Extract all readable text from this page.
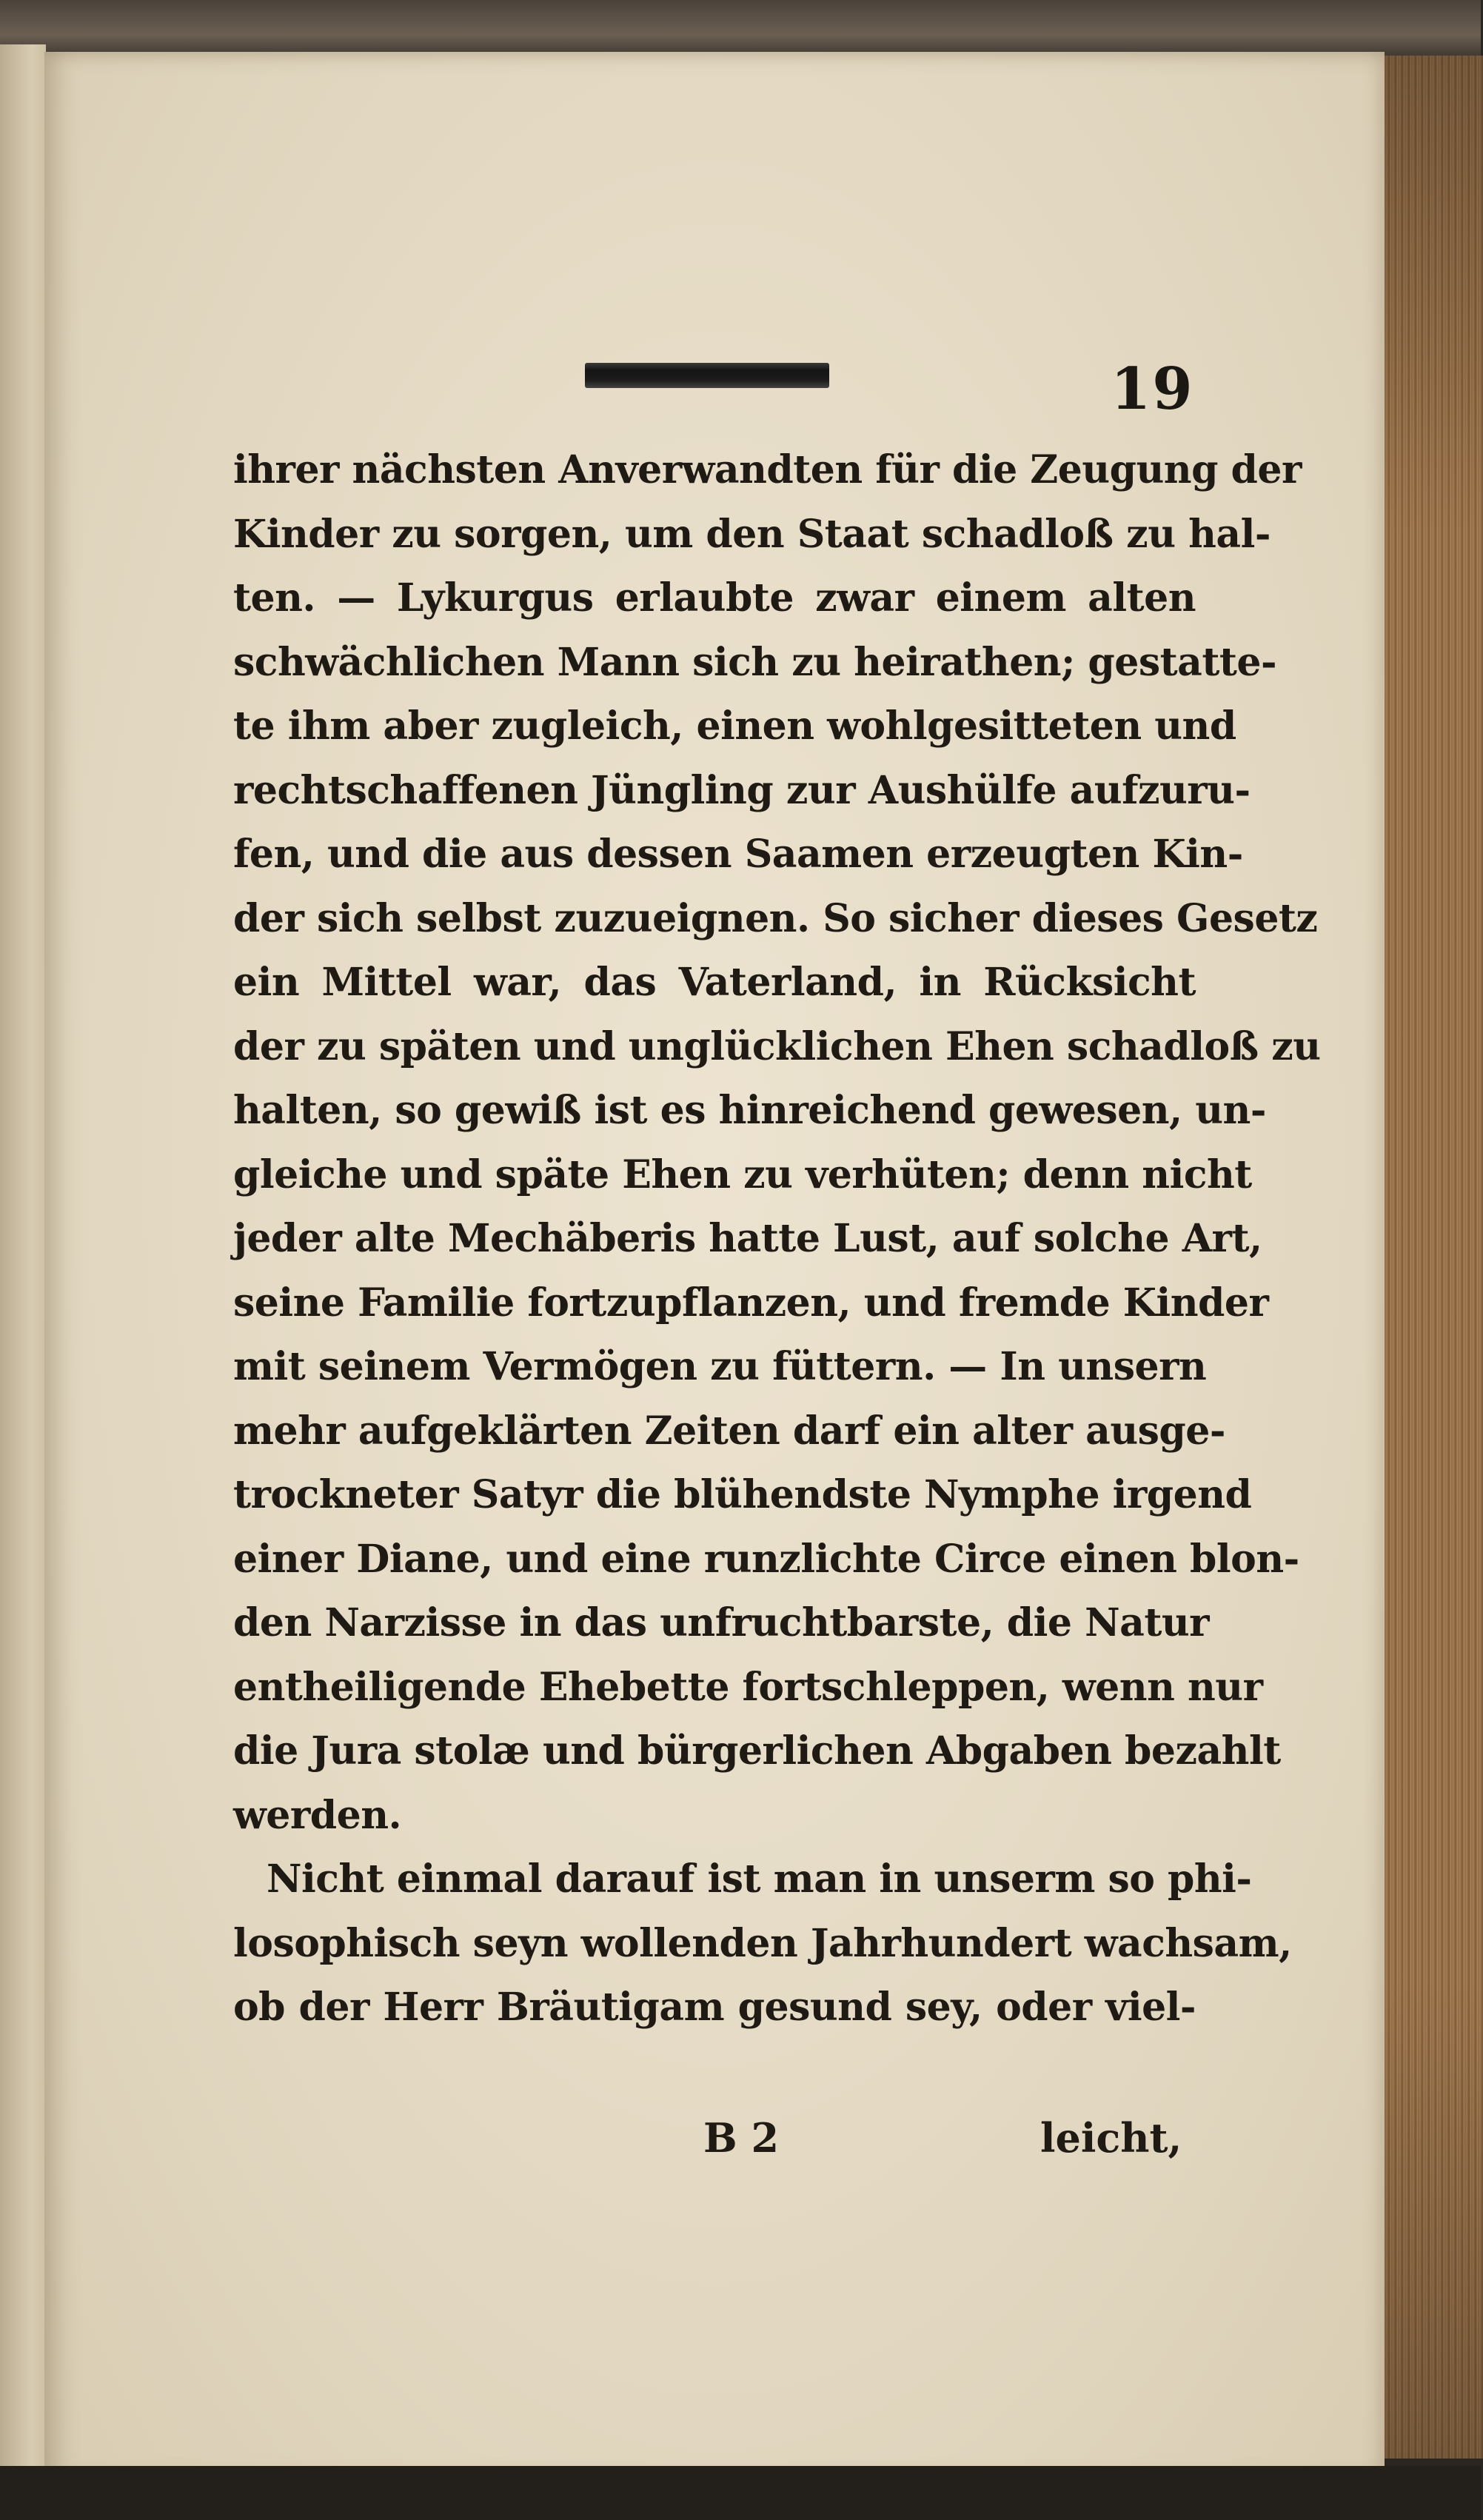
19
ihrer nächsten Anverwandten für die Zeugung der
Kinder zu sorgen, um den Staat schadloß zu hal-
ten. — Lykurgus erlaubte zwar einem alten
schwächlichen Mann sich zu heirathen; gestatte-
te ihm aber zugleich, einen wohlgesitteten und
rechtschaffenen Jüngling zur Aushülfe aufzuru-
fen, und die aus dessen Saamen erzeugten Kin-
der sich selbst zuzueignen. So sicher dieses Gesetz
ein Mittel war, das Vaterland, in Rücksicht
der zu späten und unglücklichen Ehen schadloß zu
halten, so gewiß ist es hinreichend gewesen, un-
gleiche und späte Ehen zu verhüten; denn nicht
jeder alte Mechäberis hatte Lust, auf solche Art,
seine Familie fortzupflanzen, und fremde Kinder
mit seinem Vermögen zu füttern. — In unsern
mehr aufgeklärten Zeiten darf ein alter ausge-
trockneter Satyr die blühendste Nymphe irgend
einer Diane, und eine runzlichte Circe einen blon-
den Narzisse in das unfruchtbarste, die Natur
entheiligende Ehebette fortschleppen, wenn nur
die Jura stolæ und bürgerlichen Abgaben bezahlt
werden.
Nicht einmal darauf ist man in unserm so phi-
losophisch seyn wollenden Jahrhundert wachsam,
ob der Herr Bräutigam gesund sey, oder viel-
B 2	leicht,
